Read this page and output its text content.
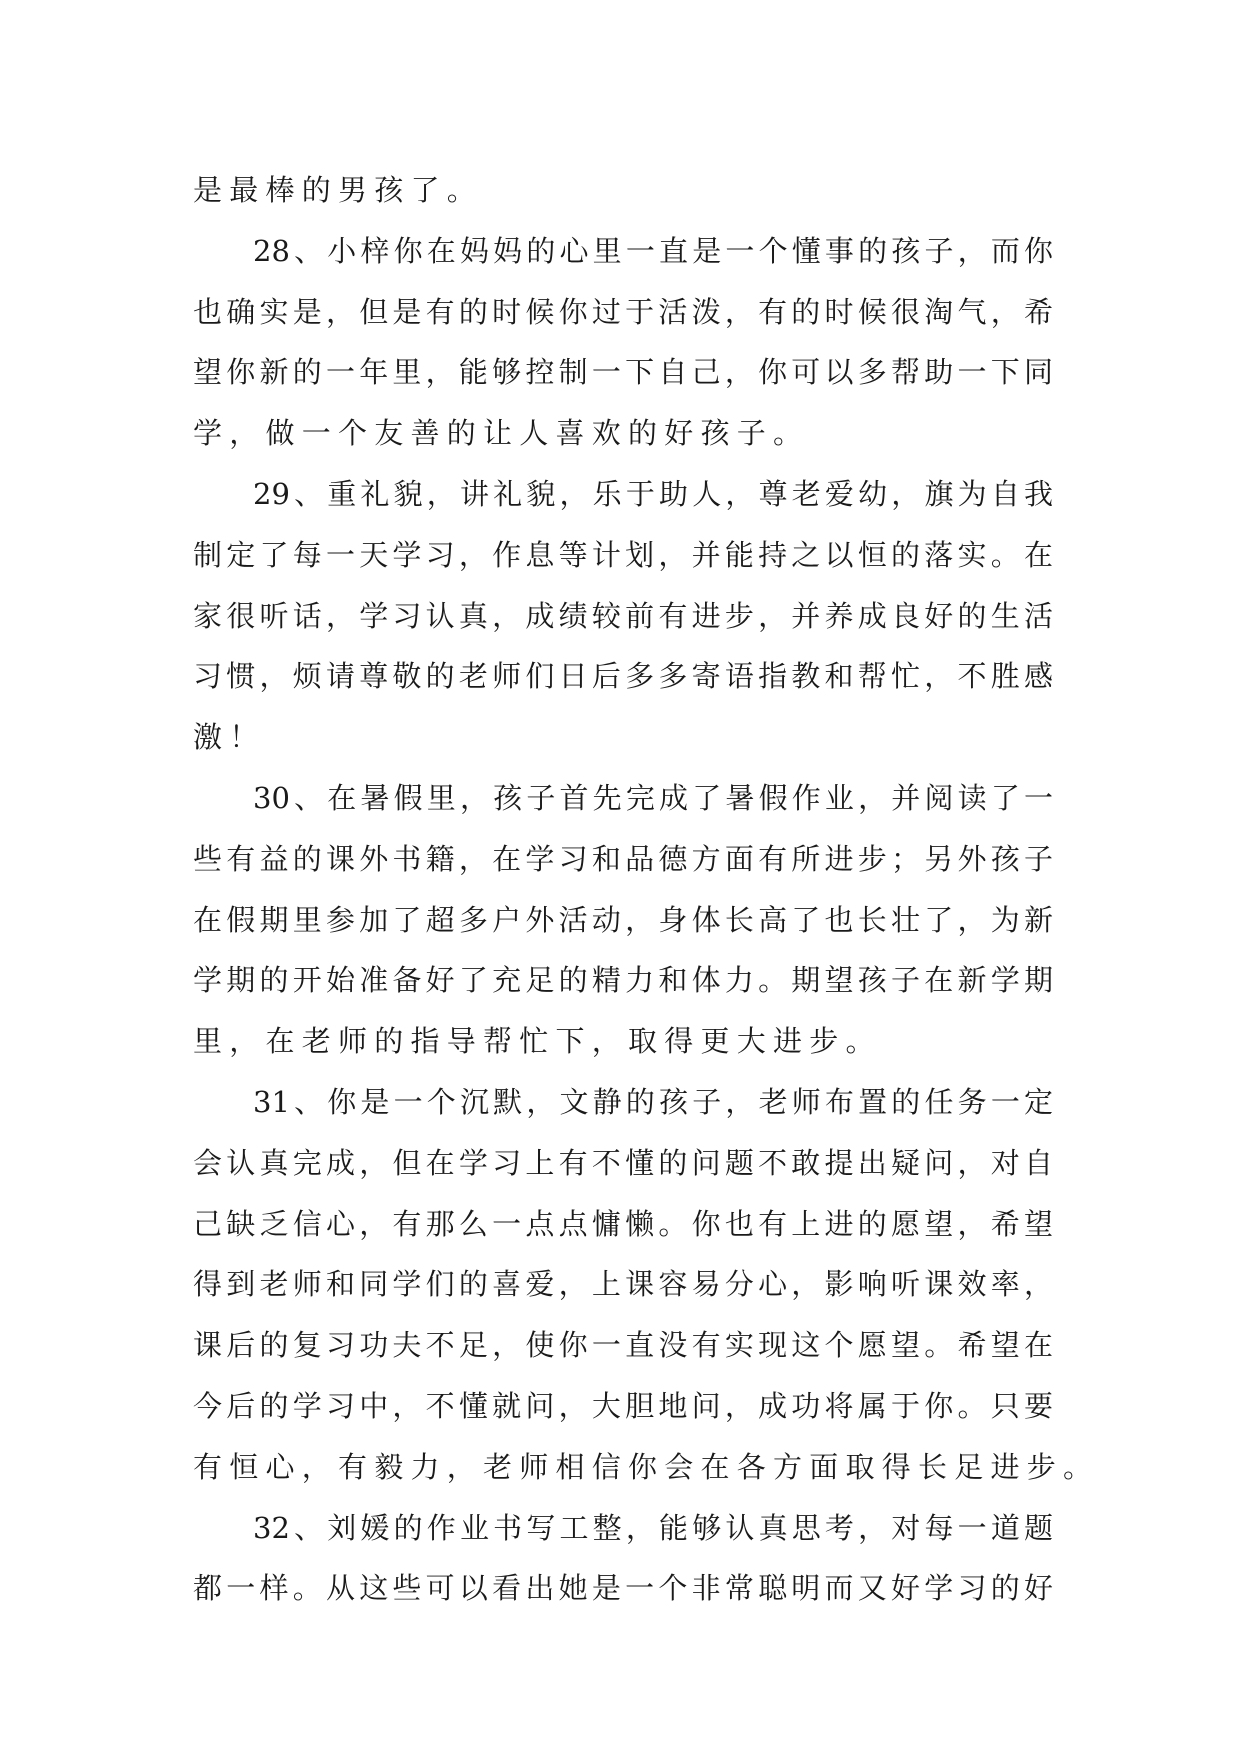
是最棒的男孩了。
28、小梓你在妈妈的心里一直是一个懂事的孩子，而你
也确实是，但是有的时候你过于活泼，有的时候很淘气，希
望你新的一年里，能够控制一下自己，你可以多帮助一下同
学，做一个友善的让人喜欢的好孩子。
29、重礼貌，讲礼貌，乐于助人，尊老爱幼，旗为自我
制定了每一天学习，作息等计划，并能持之以恒的落实。在
家很听话，学习认真，成绩较前有进步，并养成良好的生活
习惯，烦请尊敬的老师们日后多多寄语指教和帮忙，不胜感
激！
30、在暑假里，孩子首先完成了暑假作业，并阅读了一
些有益的课外书籍，在学习和品德方面有所进步；另外孩子
在假期里参加了超多户外活动，身体长高了也长壮了，为新
学期的开始准备好了充足的精力和体力。期望孩子在新学期
里，在老师的指导帮忙下，取得更大进步。
31、你是一个沉默，文静的孩子，老师布置的任务一定
会认真完成，但在学习上有不懂的问题不敢提出疑问，对自
己缺乏信心，有那么一点点慵懒。你也有上进的愿望，希望
得到老师和同学们的喜爱，上课容易分心，影响听课效率，
课后的复习功夫不足，使你一直没有实现这个愿望。希望在
今后的学习中，不懂就问，大胆地问，成功将属于你。只要
有恒心，有毅力，老师相信你会在各方面取得长足进步。
32、刘媛的作业书写工整，能够认真思考，对每一道题
都一样。从这些可以看出她是一个非常聪明而又好学习的好
